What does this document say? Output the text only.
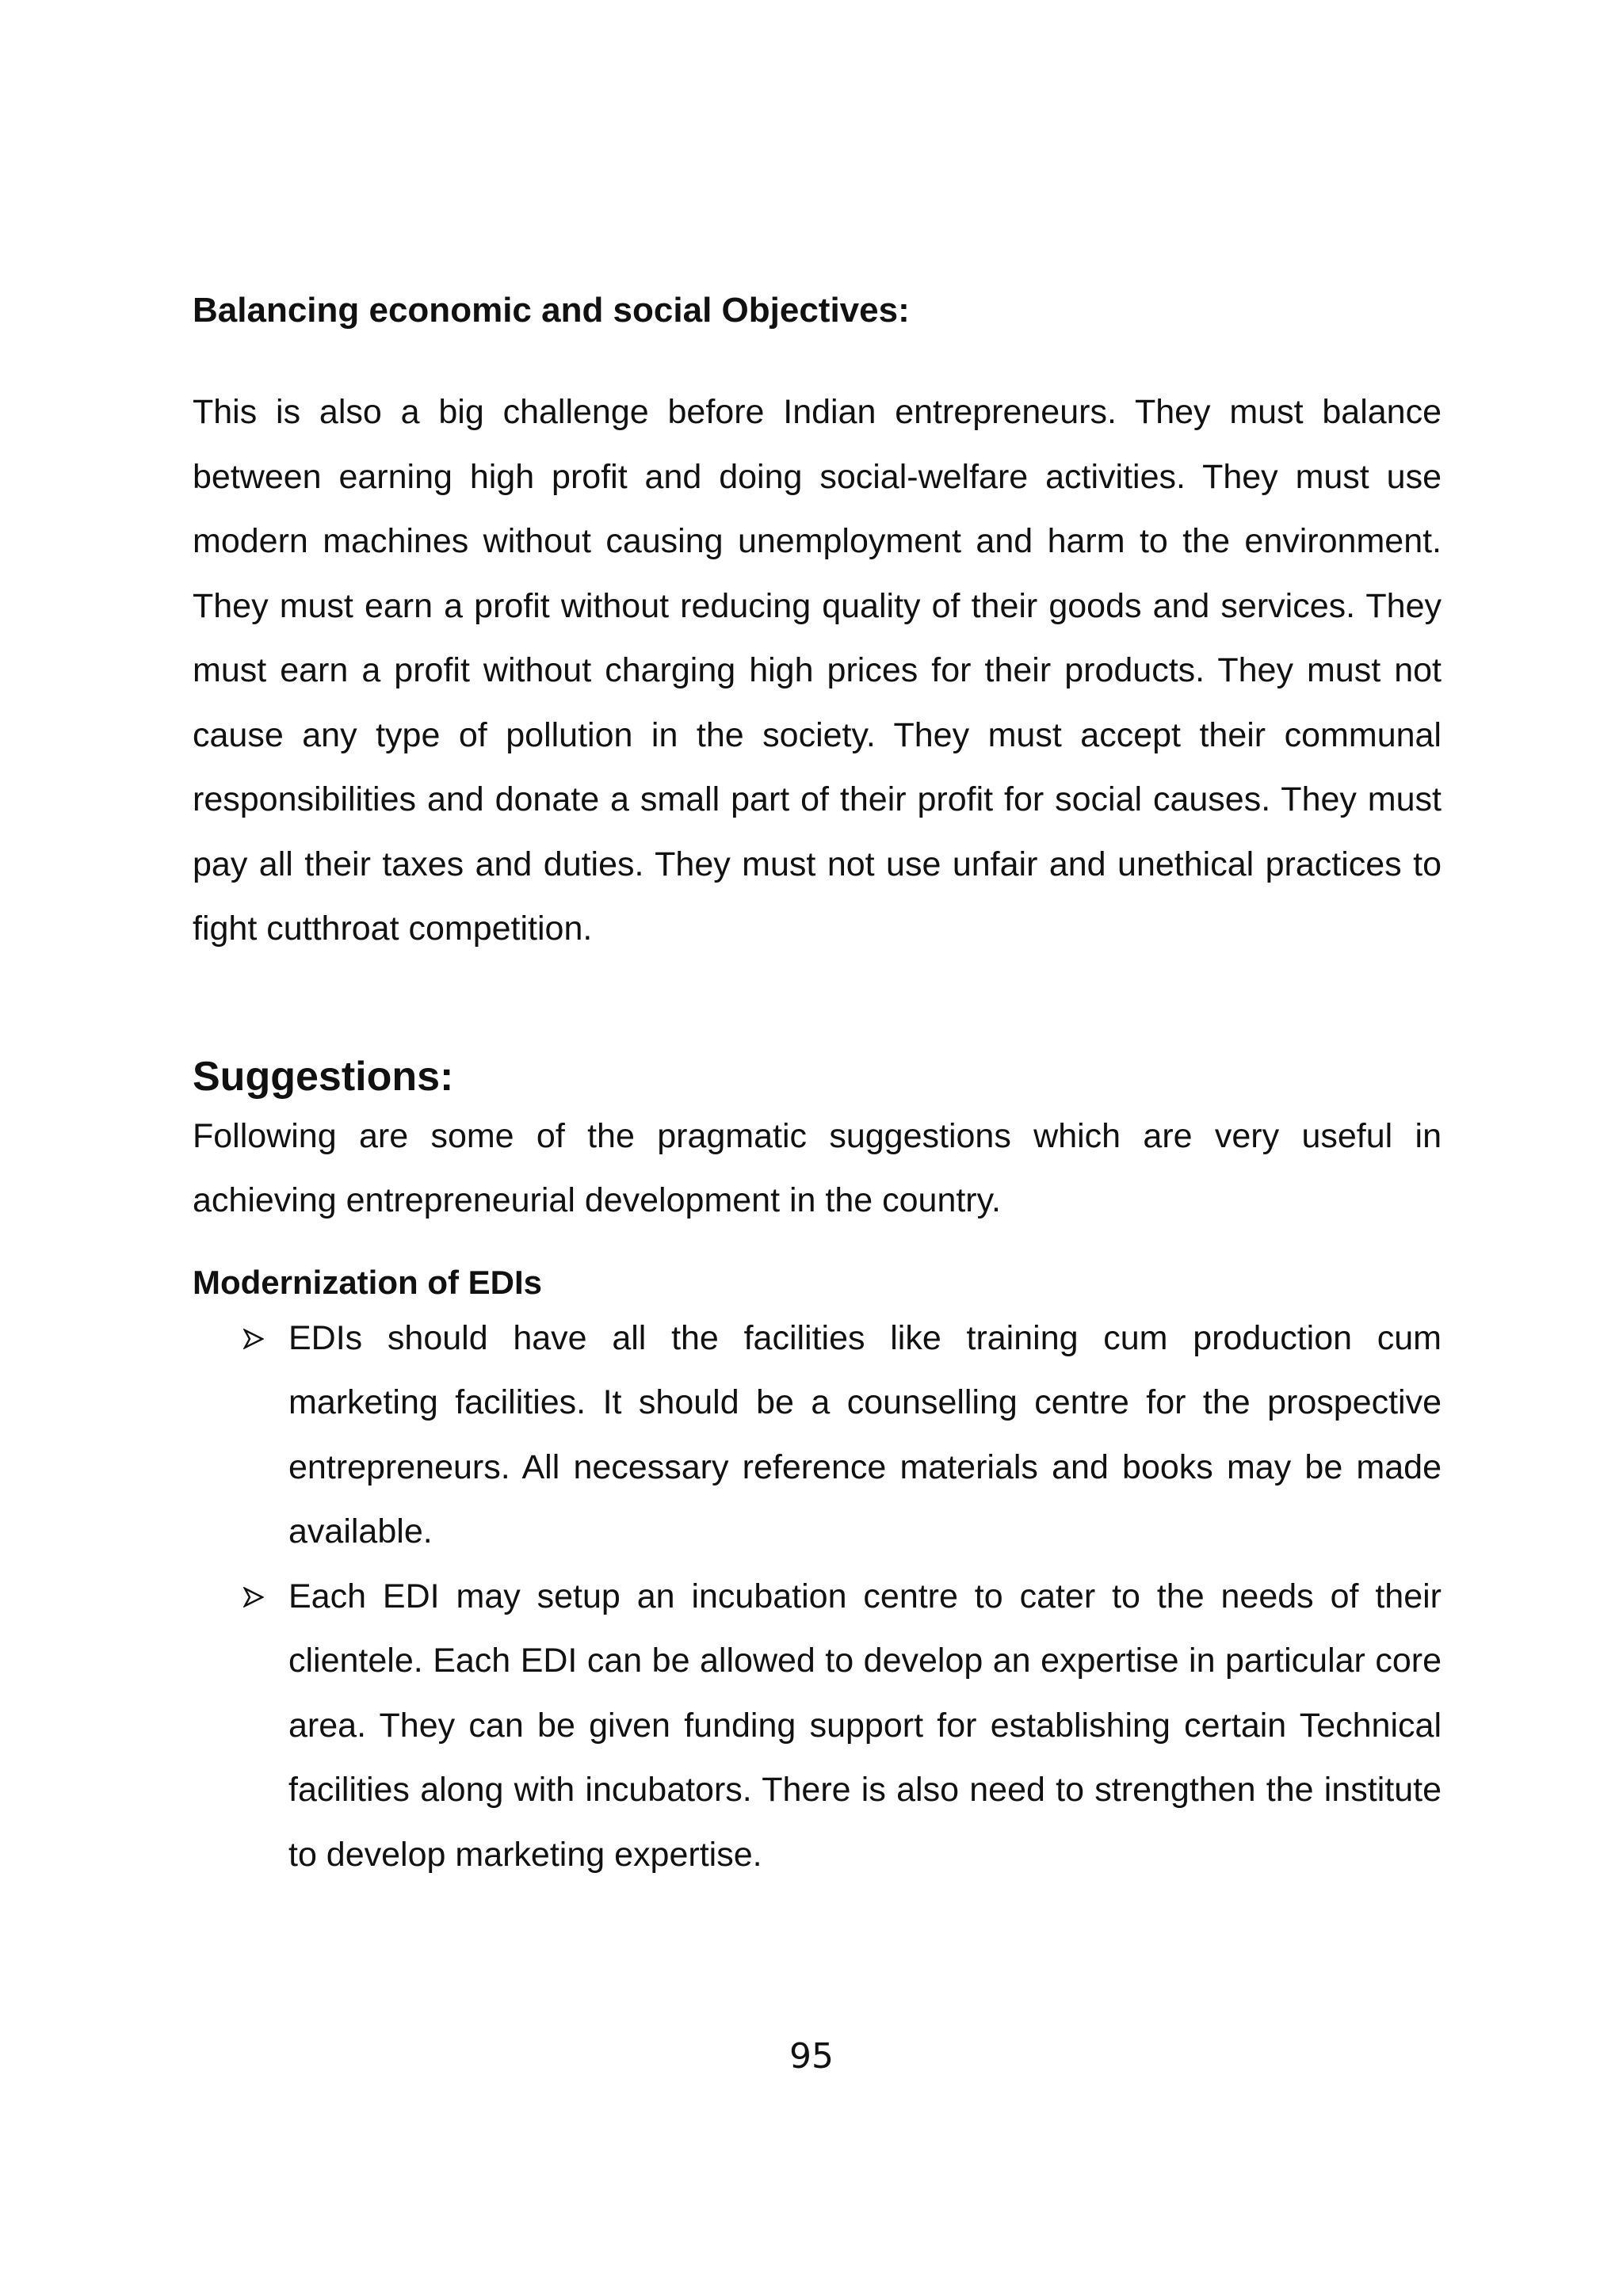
Balancing economic and social Objectives:

This is also a big challenge before Indian entrepreneurs. They must balance between earning high profit and doing social-welfare activities. They must use modern machines without causing unemployment and harm to the environment. They must earn a profit without reducing quality of their goods and services. They must earn a profit without charging high prices for their products. They must not cause any type of pollution in the society. They must accept their communal responsibilities and donate a small part of their profit for social causes. They must pay all their taxes and duties. They must not use unfair and unethical practices to fight cutthroat competition.

Suggestions:

Following are some of the pragmatic suggestions which are very useful in achieving entrepreneurial development in the country.

Modernization of EDIs
EDIs should have all the facilities like training cum production cum marketing facilities. It should be a counselling centre for the prospective entrepreneurs. All necessary reference materials and books may be made available.
Each EDI may setup an incubation centre to cater to the needs of their clientele. Each EDI can be allowed to develop an expertise in particular core area. They can be given funding support for establishing certain Technical facilities along with incubators. There is also need to strengthen the institute to develop marketing expertise.
95
